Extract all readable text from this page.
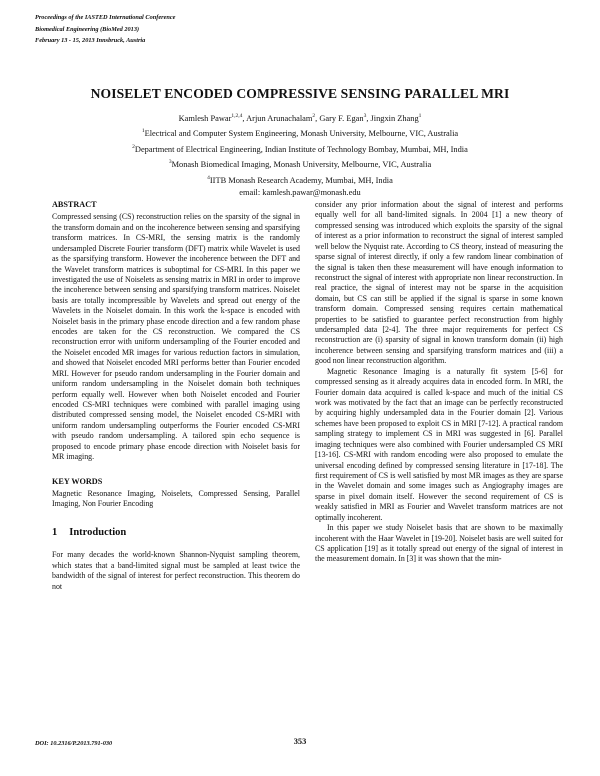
Proceedings of the IASTED International Conference
Biomedical Engineering (BioMed 2013)
February 13 - 15, 2013 Innsbruck, Austria
NOISELET ENCODED COMPRESSIVE SENSING PARALLEL MRI
Kamlesh Pawar$^{1,2,4}$, Arjun Arunachalam$^2$, Gary F. Egan$^3$, Jingxin Zhang$^1$
$^1$Electrical and Computer System Engineering, Monash University, Melbourne, VIC, Australia
$^2$Department of Electrical Engineering, Indian Institute of Technology Bombay, Mumbai, MH, India
$^3$Monash Biomedical Imaging, Monash University, Melbourne, VIC, Australia
$^4$IITB Monash Research Academy, Mumbai, MH, India
email: kamlesh.pawar@monash.edu
ABSTRACT

Compressed sensing (CS) reconstruction relies on the sparsity of the signal in the transform domain and on the incoherence between sensing and sparsifying transform matrices. In CS-MRI, the sensing matrix is the randomly undersampled Discrete Fourier transform (DFT) matrix while Wavelet is used as the sparsifying transform. However the incoherence between the DFT and the Wavelet transform matrices is suboptimal for CS-MRI. In this paper we investigated the use of Noiselets as sensing matrix in MRI in order to improve the incoherence between sensing and sparsifying transform matrices. Noiselet basis are totally incompressible by Wavelets and spread out energy of the Wavelets in the Noiselet domain. In this work the k-space is encoded with Noiselet basis in the primary phase encode direction and a few random phase encodes are taken for the CS reconstruction. We compared the CS reconstruction error with uniform undersampling of the Fourier encoded and the Noiselet encoded MR images for various reduction factors in simulation, and showed that Noiselet encoded MRI performs better than Fourier encoded MRI. However for pseudo random undersampling in the Fourier domain and uniform random undersampling in the Noiselet domain both techniques perform equally well. However when both Noiselet encoded and Fourier encoded CS-MRI techniques were combined with parallel imaging using distributed compressed sensing model, the Noiselet encoded CS-MRI with uniform random undersampling outperforms the Fourier encoded CS-MRI with pseudo random undersampling. A tailored spin echo sequence is proposed to encode primary phase encode direction with Noiselet basis for MR imaging.

KEY WORDS

Magnetic Resonance Imaging, Noiselets, Compressed Sensing, Parallel Imaging, Non Fourier Encoding

1 Introduction

For many decades the world-known Shannon-Nyquist sampling theorem, which states that a band-limited signal must be sampled at least twice the bandwidth of the signal of interest for perfect reconstruction. This theorem do not

consider any prior information about the signal of interest and performs equally well for all band-limited signals. In 2004 [1] a new theory of compressed sensing was introduced which exploits the sparsity of the signal of interest as a prior information to reconstruct the signal of interest sampled well below the Nyquist rate. According to CS theory, instead of measuring the sparse signal of interest directly, if only a few random linear combination of the signal is taken then these measurement will have enough information to reconstruct the signal of interest with appropriate non linear reconstruction. In real practice, the signal of interest may not be sparse in the acquisition domain, but CS can still be applied if the signal is sparse in some known transform domain. Compressed sensing requires certain mathematical properties to be satisfied to guarantee perfect reconstruction from highly undersampled data [2-4]. The three major requirements for perfect CS reconstruction are (i) sparsity of signal in known transform domain (ii) high incoherence between sensing and sparsifying transform matrices and (iii) a good non linear reconstruction algorithm.

Magnetic Resonance Imaging is a naturally fit system [5-6] for compressed sensing as it already acquires data in encoded form. In MRI, the Fourier domain data acquired is called k-space and much of the initial CS work was motivated by the fact that an image can be perfectly reconstructed by acquiring highly undersampled data in the Fourier domain [2]. Various schemes have been proposed to exploit CS in MRI [7-12]. A practical random sampling strategy to implement CS in MRI was suggested in [6]. Parallel imaging techniques were also combined with Fourier undersampled CS MRI [13-16]. CS-MRI with random encoding were also proposed to emulate the universal encoding defined by compressed sensing literature in [17-18]. The first requirement of CS is well satisfied by most MR images as they are sparse in the Wavelet domain and some images such as Angiography images are sparse in pixel domain itself. However the second requirement of CS is weakly satisfied in MRI as Fourier and Wavelet transform matrices are not optimally incoherent.

In this paper we study Noiselet basis that are shown to be maximally incoherent with the Haar Wavelet in [19-20]. Noiselet basis are well suited for CS application [19] as it totally spread out energy of the signal of interest in the measurement domain. In [3] it was shown that the min-

DOI: 10.2316/P.2013.791-030	353
